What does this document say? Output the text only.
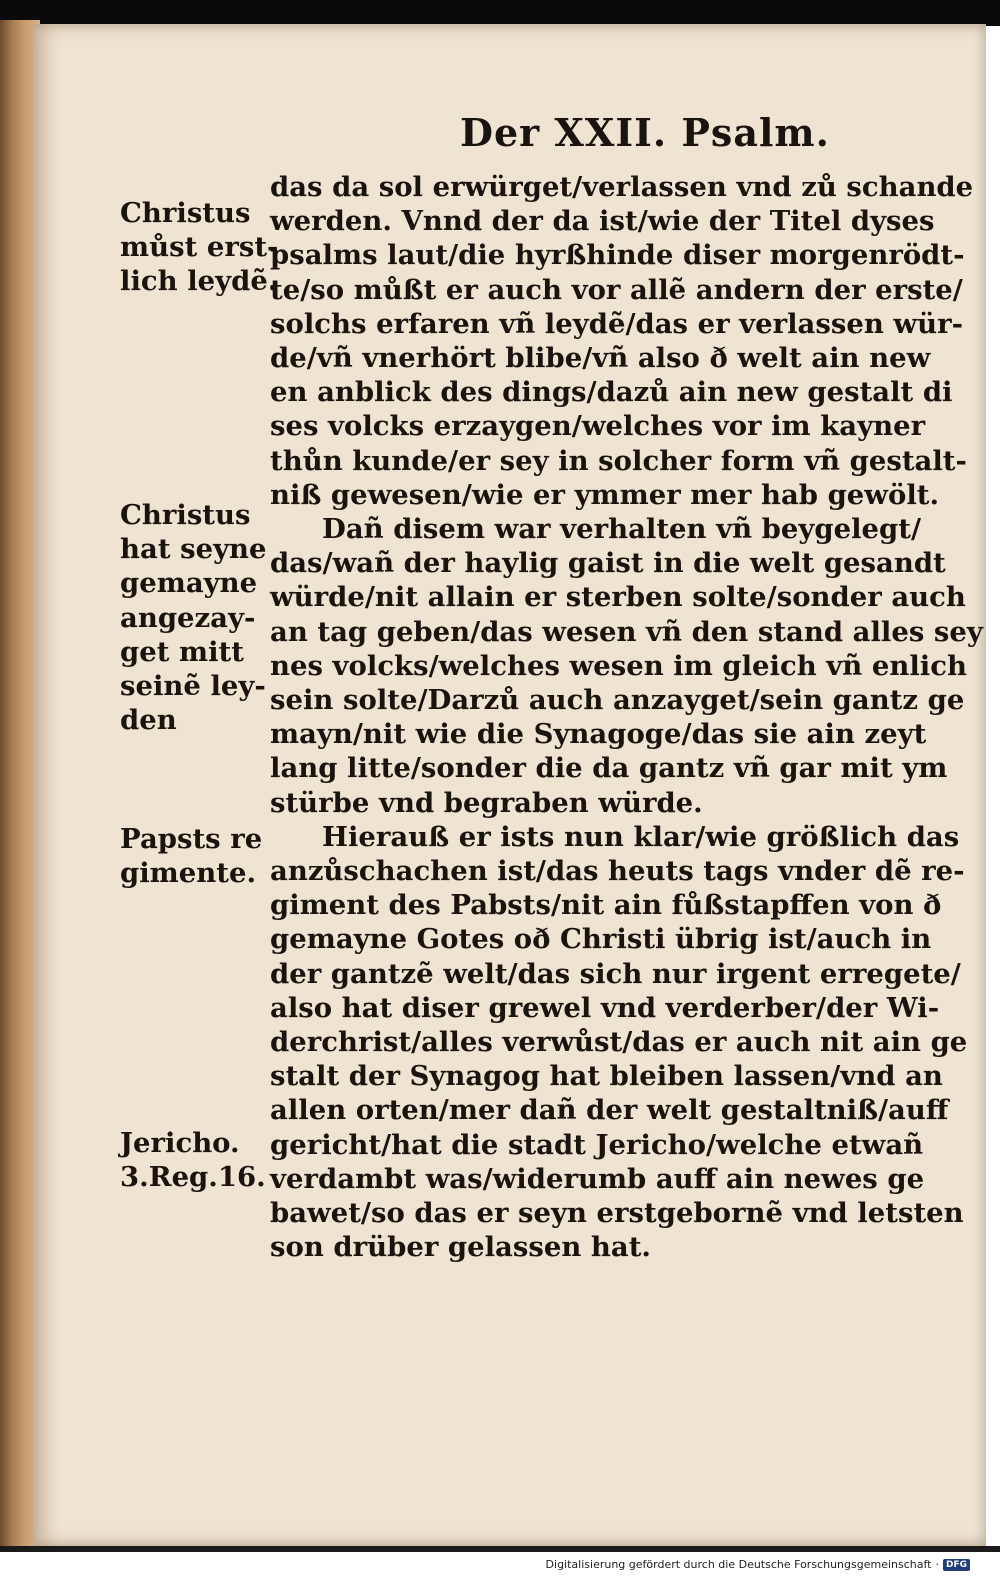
Der XXII. Psalm.
das da sol erwürget/verlassen vnd zů schande
werden. Vnnd der da ist/wie der Titel dyses
psalms laut/die hyrßhinde diser morgenrödt-
te/so můßt er auch vor allẽ andern der erste/
solchs erfaren vñ leydẽ/das er verlassen wür-
de/vñ vnerhört blibe/vñ also ð welt ain new
en anblick des dings/dazů ain new gestalt di
ses volcks erzaygen/welches vor im kayner
thůn kunde/er sey in solcher form vñ gestalt-
niß gewesen/wie er ymmer mer hab gewölt.
Dañ disem war verhalten vñ beygelegt/
das/wañ der haylig gaist in die welt gesandt
würde/nit allain er sterben solte/sonder auch
an tag geben/das wesen vñ den stand alles sey
nes volcks/welches wesen im gleich vñ enlich
sein solte/Darzů auch anzayget/sein gantz ge
mayn/nit wie die Synagoge/das sie ain zeyt
lang litte/sonder die da gantz vñ gar mit ym
stürbe vnd begraben würde.
Hierauß er ists nun klar/wie größlich das
anzůschachen ist/das heuts tags vnder dẽ re-
giment des Pabsts/nit ain fůßstapffen von ð
gemayne Gotes oð Christi übrig ist/auch in
der gantzẽ welt/das sich nur irgent erregete/
also hat diser grewel vnd verderber/der Wi-
derchrist/alles verwůst/das er auch nit ain ge
stalt der Synagog hat bleiben lassen/vnd an
allen orten/mer dañ der welt gestaltniß/auff
gericht/hat die stadt Jericho/welche etwañ
verdambt was/widerumb auff ain newes ge
bawet/so das er seyn erstgebornẽ vnd letsten
son drüber gelassen hat.
Christus
můst erst-
lich leydẽ.
Christus
hat seyne
gemayne
angezay-
get mitt
seinẽ ley-
den
Papsts re
gimente.
Jericho.
3.Reg.16.
Digitalisierung gefördert durch die Deutsche Forschungsgemeinschaft · DFG
